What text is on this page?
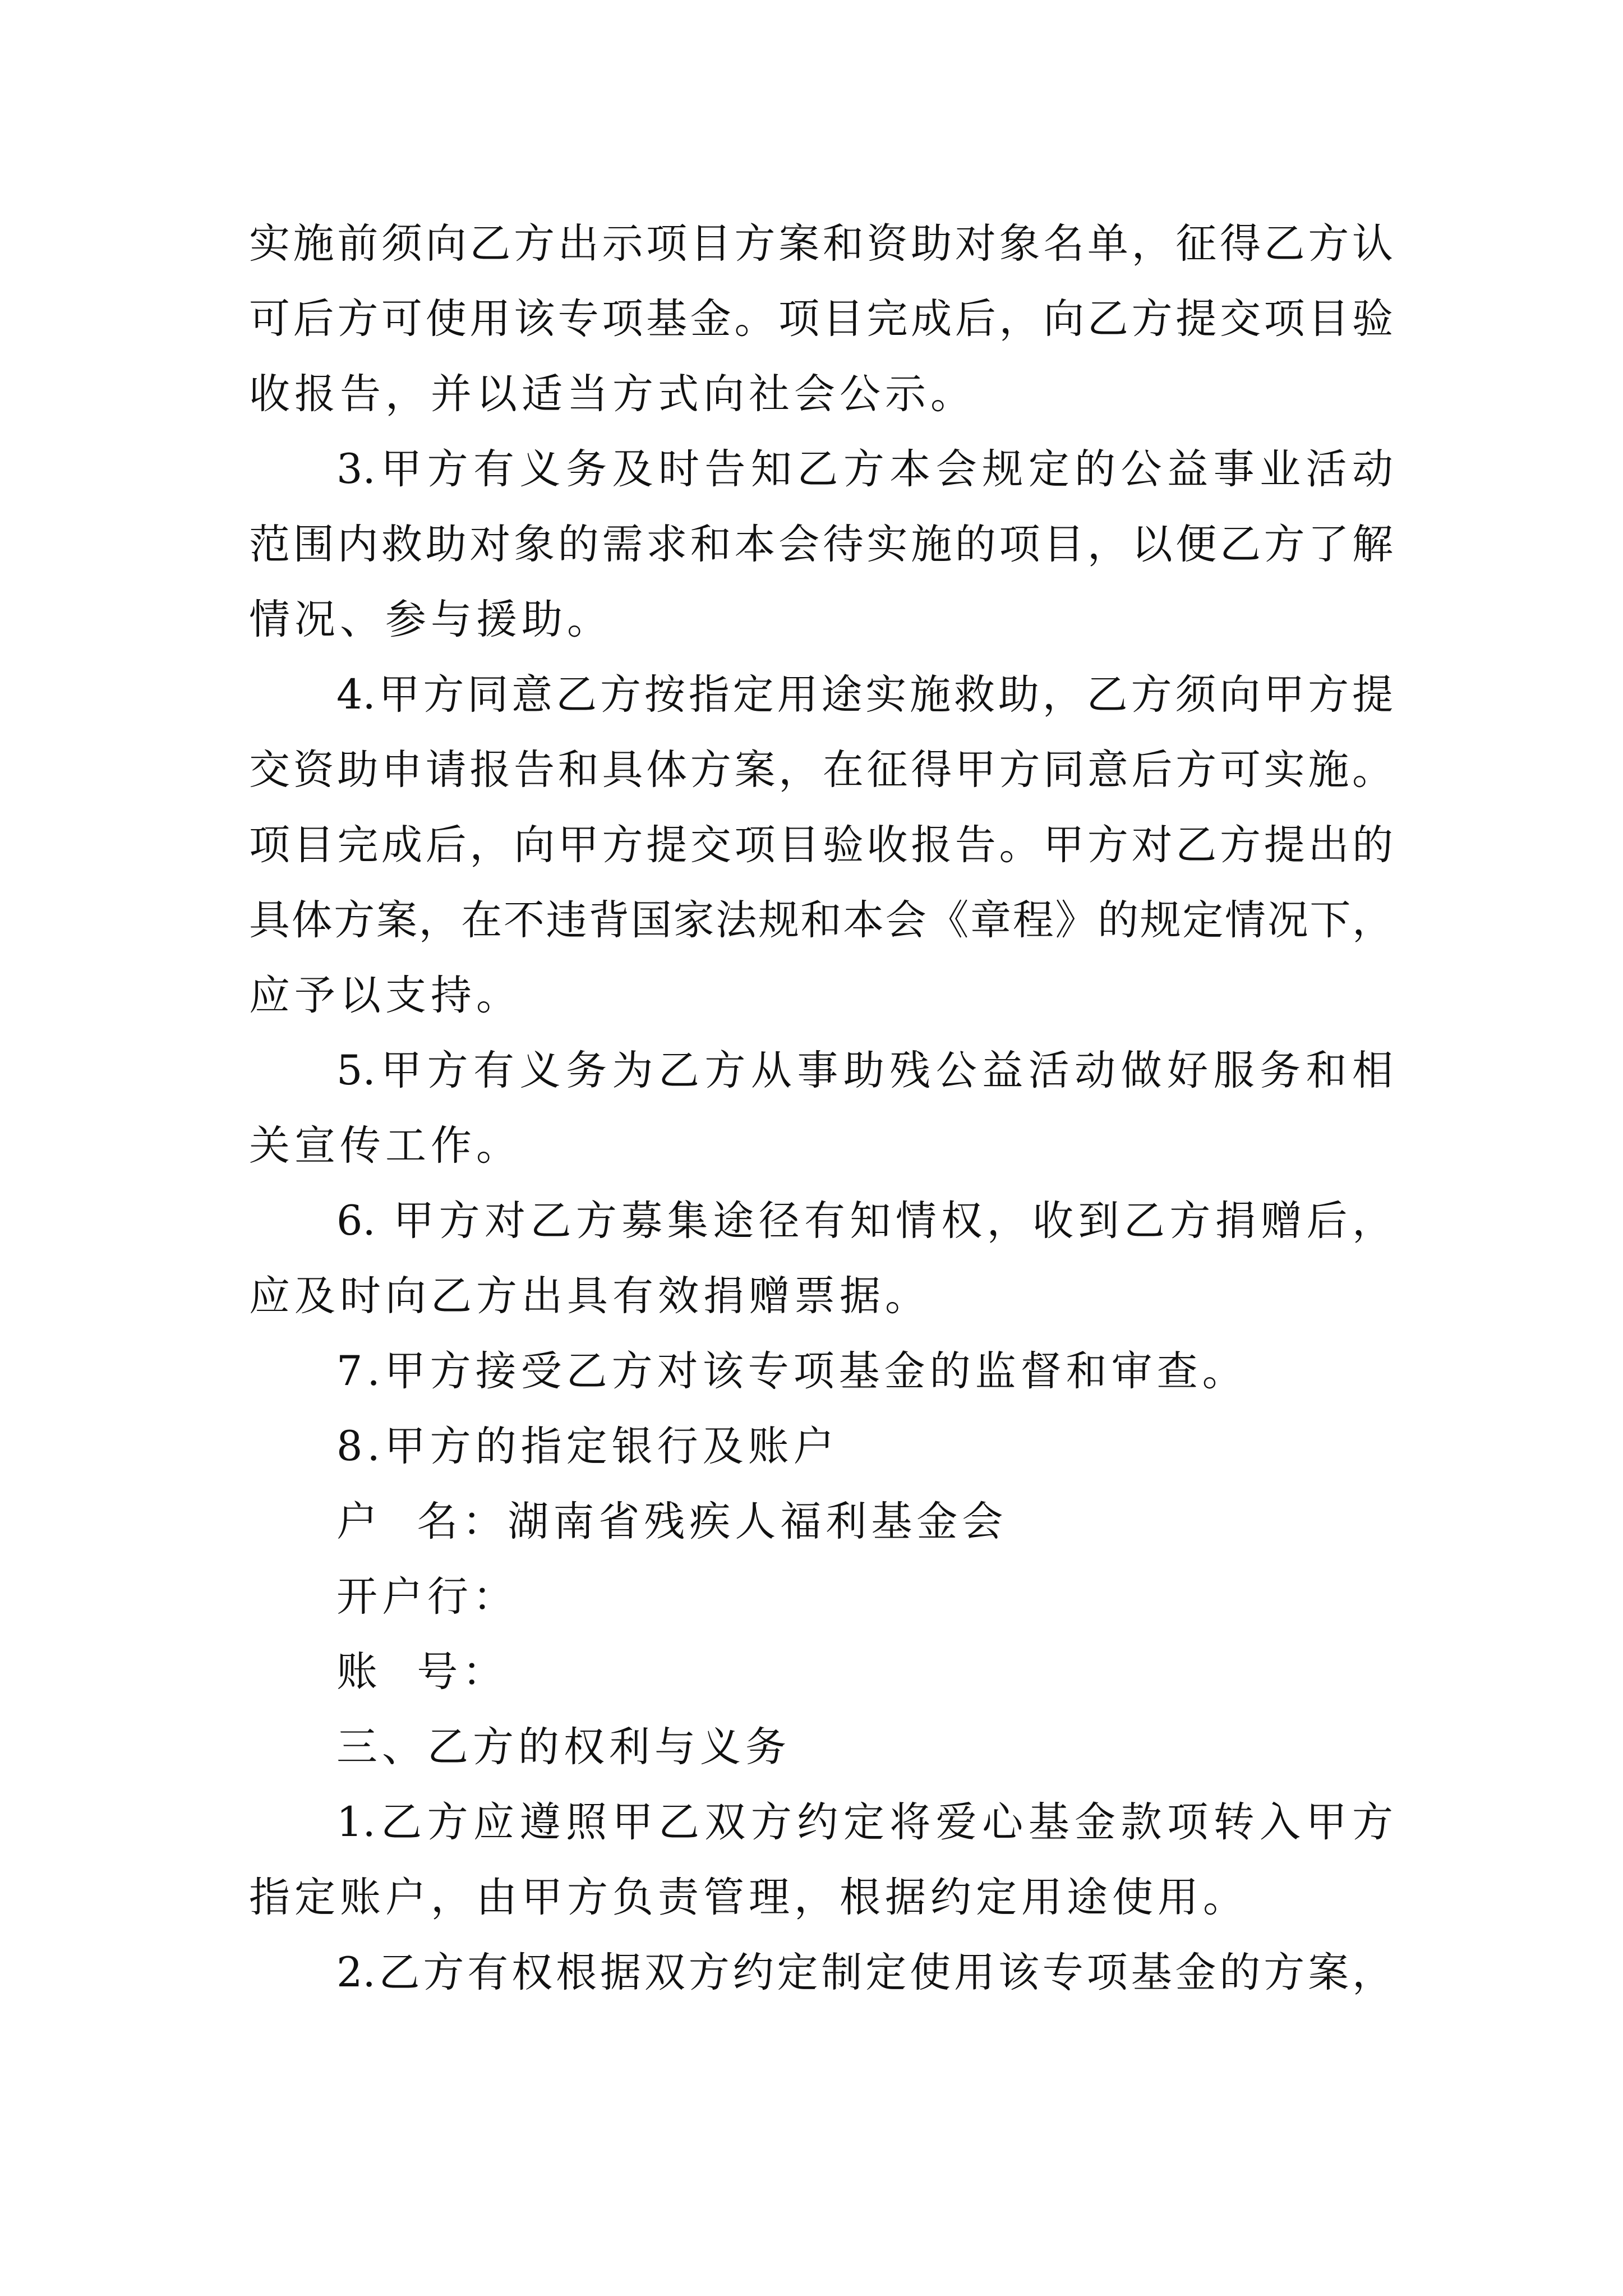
实施前须向乙方出示项目方案和资助对象名单，征得乙方认
可后方可使用该专项基金。项目完成后，向乙方提交项目验
收报告，并以适当方式向社会公示。
3.甲方有义务及时告知乙方本会规定的公益事业活动
范围内救助对象的需求和本会待实施的项目，以便乙方了解
情况、参与援助。
4.甲方同意乙方按指定用途实施救助，乙方须向甲方提
交资助申请报告和具体方案，在征得甲方同意后方可实施。
项目完成后，向甲方提交项目验收报告。甲方对乙方提出的
具体方案，在不违背国家法规和本会《章程》的规定情况下，
应予以支持。
5.甲方有义务为乙方从事助残公益活动做好服务和相
关宣传工作。
6. 甲方对乙方募集途径有知情权，收到乙方捐赠后，
应及时向乙方出具有效捐赠票据。
7.甲方接受乙方对该专项基金的监督和审查。
8.甲方的指定银行及账户
户  名：湖南省残疾人福利基金会
开户行：
账  号：
三、乙方的权利与义务
1.乙方应遵照甲乙双方约定将爱心基金款项转入甲方
指定账户，由甲方负责管理，根据约定用途使用。
2.乙方有权根据双方约定制定使用该专项基金的方案，
